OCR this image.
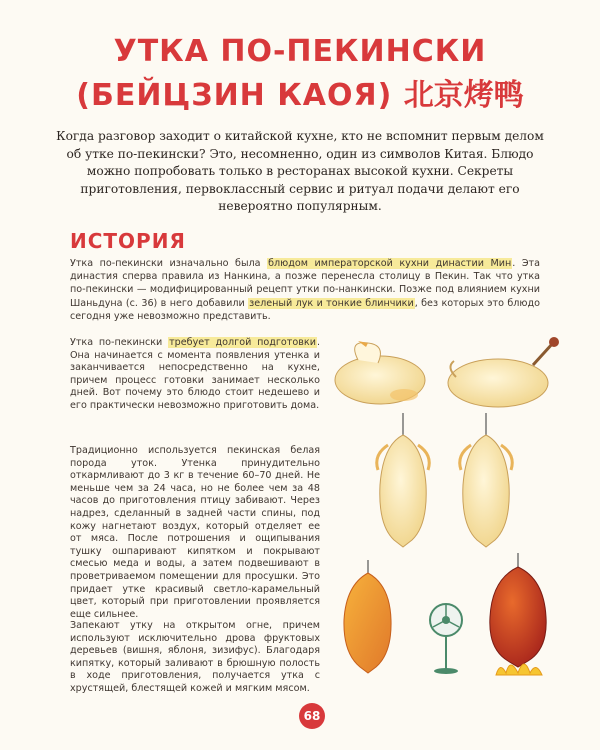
УТКА ПО-ПЕКИНСКИ
(БЕЙЦЗИН КАОЯ) 北京烤鸭

Когда разговор заходит о китайской кухне, кто не вспомнит первым делом об утке по-пекински? Это, несомненно, один из символов Китая. Блюдо можно попробовать только в ресторанах высокой кухни. Секреты приготовления, первоклассный сервис и ритуал подачи делают его невероятно популярным.

ИСТОРИЯ

Утка по-пекински изначально была блюдом императорской кухни династии Мин. Эта династия сперва правила из Нанкина, а позже перенесла столицу в Пекин. Так что утка по-пекински — модифицированный рецепт утки по-нанкински. Позже под влиянием кухни Шаньдуна (с. 36) в него добавили зеленый лук и тонкие блинчики, без которых это блюдо сегодня уже невозможно представить.

Утка по-пекински требует долгой подготовки. Она начинается с момента появления утенка и заканчивается непосредственно на кухне, причем процесс готовки занимает несколько дней. Вот почему это блюдо стоит недешево и его практически невозможно приготовить дома.

Традиционно используется пекинская белая порода уток. Утенка принудительно откармливают до 3 кг в течение 60–70 дней. Не меньше чем за 24 часа, но не более чем за 48 часов до приготовления птицу забивают. Через надрез, сделанный в задней части спины, под кожу нагнетают воздух, который отделяет ее от мяса. После потрошения и ощипывания тушку ошпаривают кипятком и покрывают смесью меда и воды, а затем подвешивают в проветриваемом помещении для просушки. Это придает утке красивый светло-карамельный цвет, который при приготовлении проявляется еще сильнее.

Запекают утку на открытом огне, причем используют исключительно дрова фруктовых деревьев (вишня, яблоня, зизифус). Благодаря кипятку, который заливают в брюшную полость в ходе приготовления, получается утка с хрустящей, блестящей кожей и мягким мясом.

68
